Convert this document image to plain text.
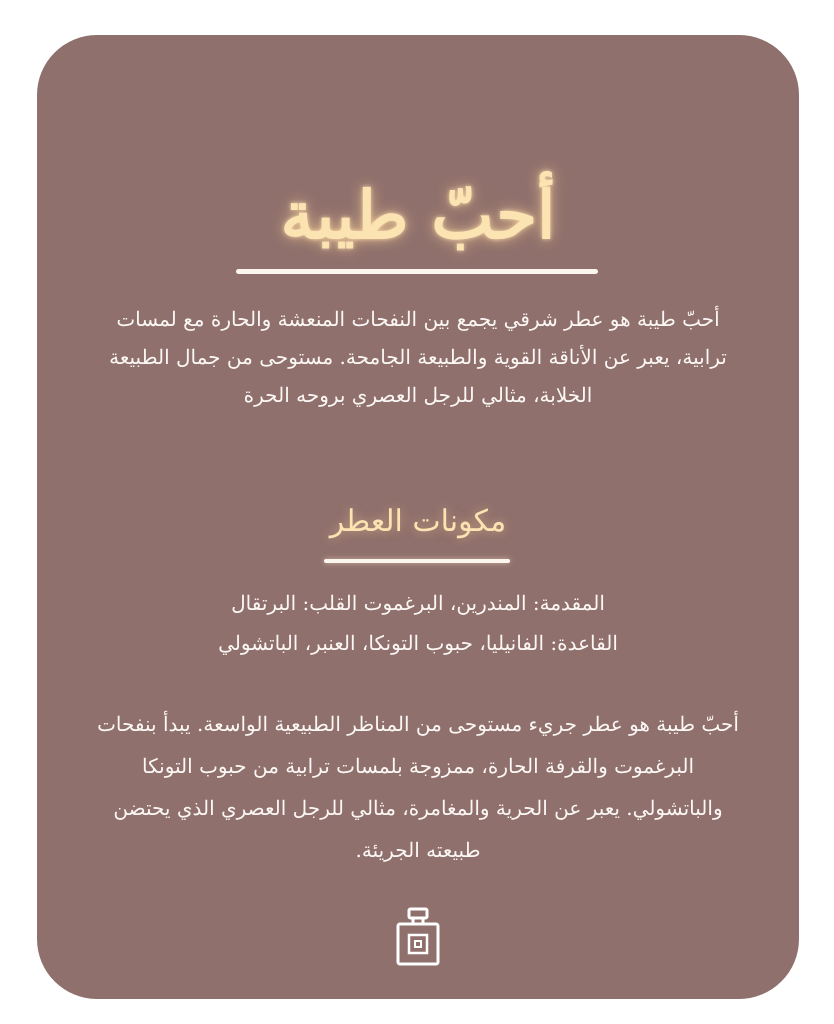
أحبّ طيبة

أحبّ طيبة هو عطر شرقي يجمع بين النفحات المنعشة والحارة مع لمسات ترابية، يعبر عن الأناقة القوية والطبيعة الجامحة. مستوحى من جمال الطبيعة الخلابة، مثالي للرجل العصري بروحه الحرة

مكونات العطر
المقدمة: المندرين، البرغموت القلب: البرتقال
القاعدة: الفانيليا، حبوب التونكا، العنبر، الباتشولي

أحبّ طيبة هو عطر جريء مستوحى من المناظر الطبيعية الواسعة. يبدأ بنفحات البرغموت والقرفة الحارة، ممزوجة بلمسات ترابية من حبوب التونكا والباتشولي. يعبر عن الحرية والمغامرة، مثالي للرجل العصري الذي يحتضن طبيعته الجريئة.
